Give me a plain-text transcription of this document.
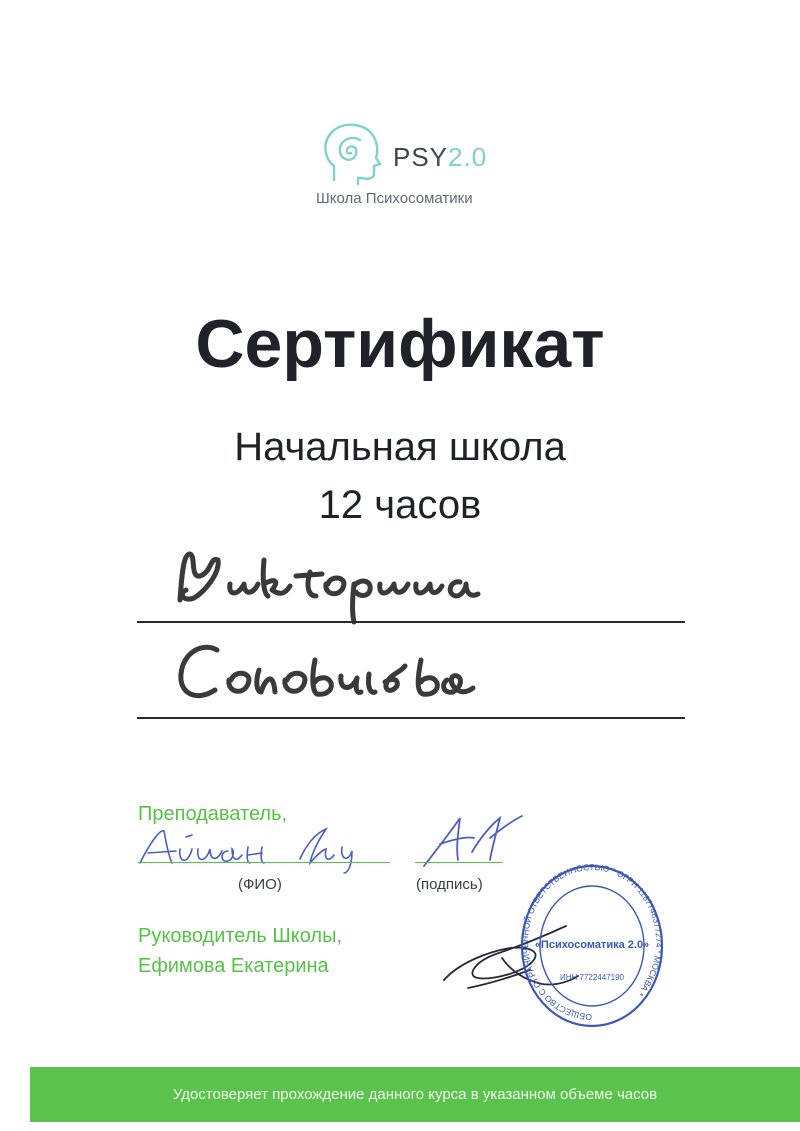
PSY2.0
Школа Психосоматики
Сертификат
Начальная школа
12 часов
Преподаватель,
(ФИО)	(подпись)
Руководитель Школы,
Ефимова Екатерина
ОБЩЕСТВО С ОГРАНИЧЕННОЙ ОТВЕТСТВЕННОСТЬЮ * ОГРН 1187746377274 * МОСКВА *
«Психосоматика 2.0»
ИНН 7722447190
Удостоверяет прохождение данного курса в указанном объеме часов
